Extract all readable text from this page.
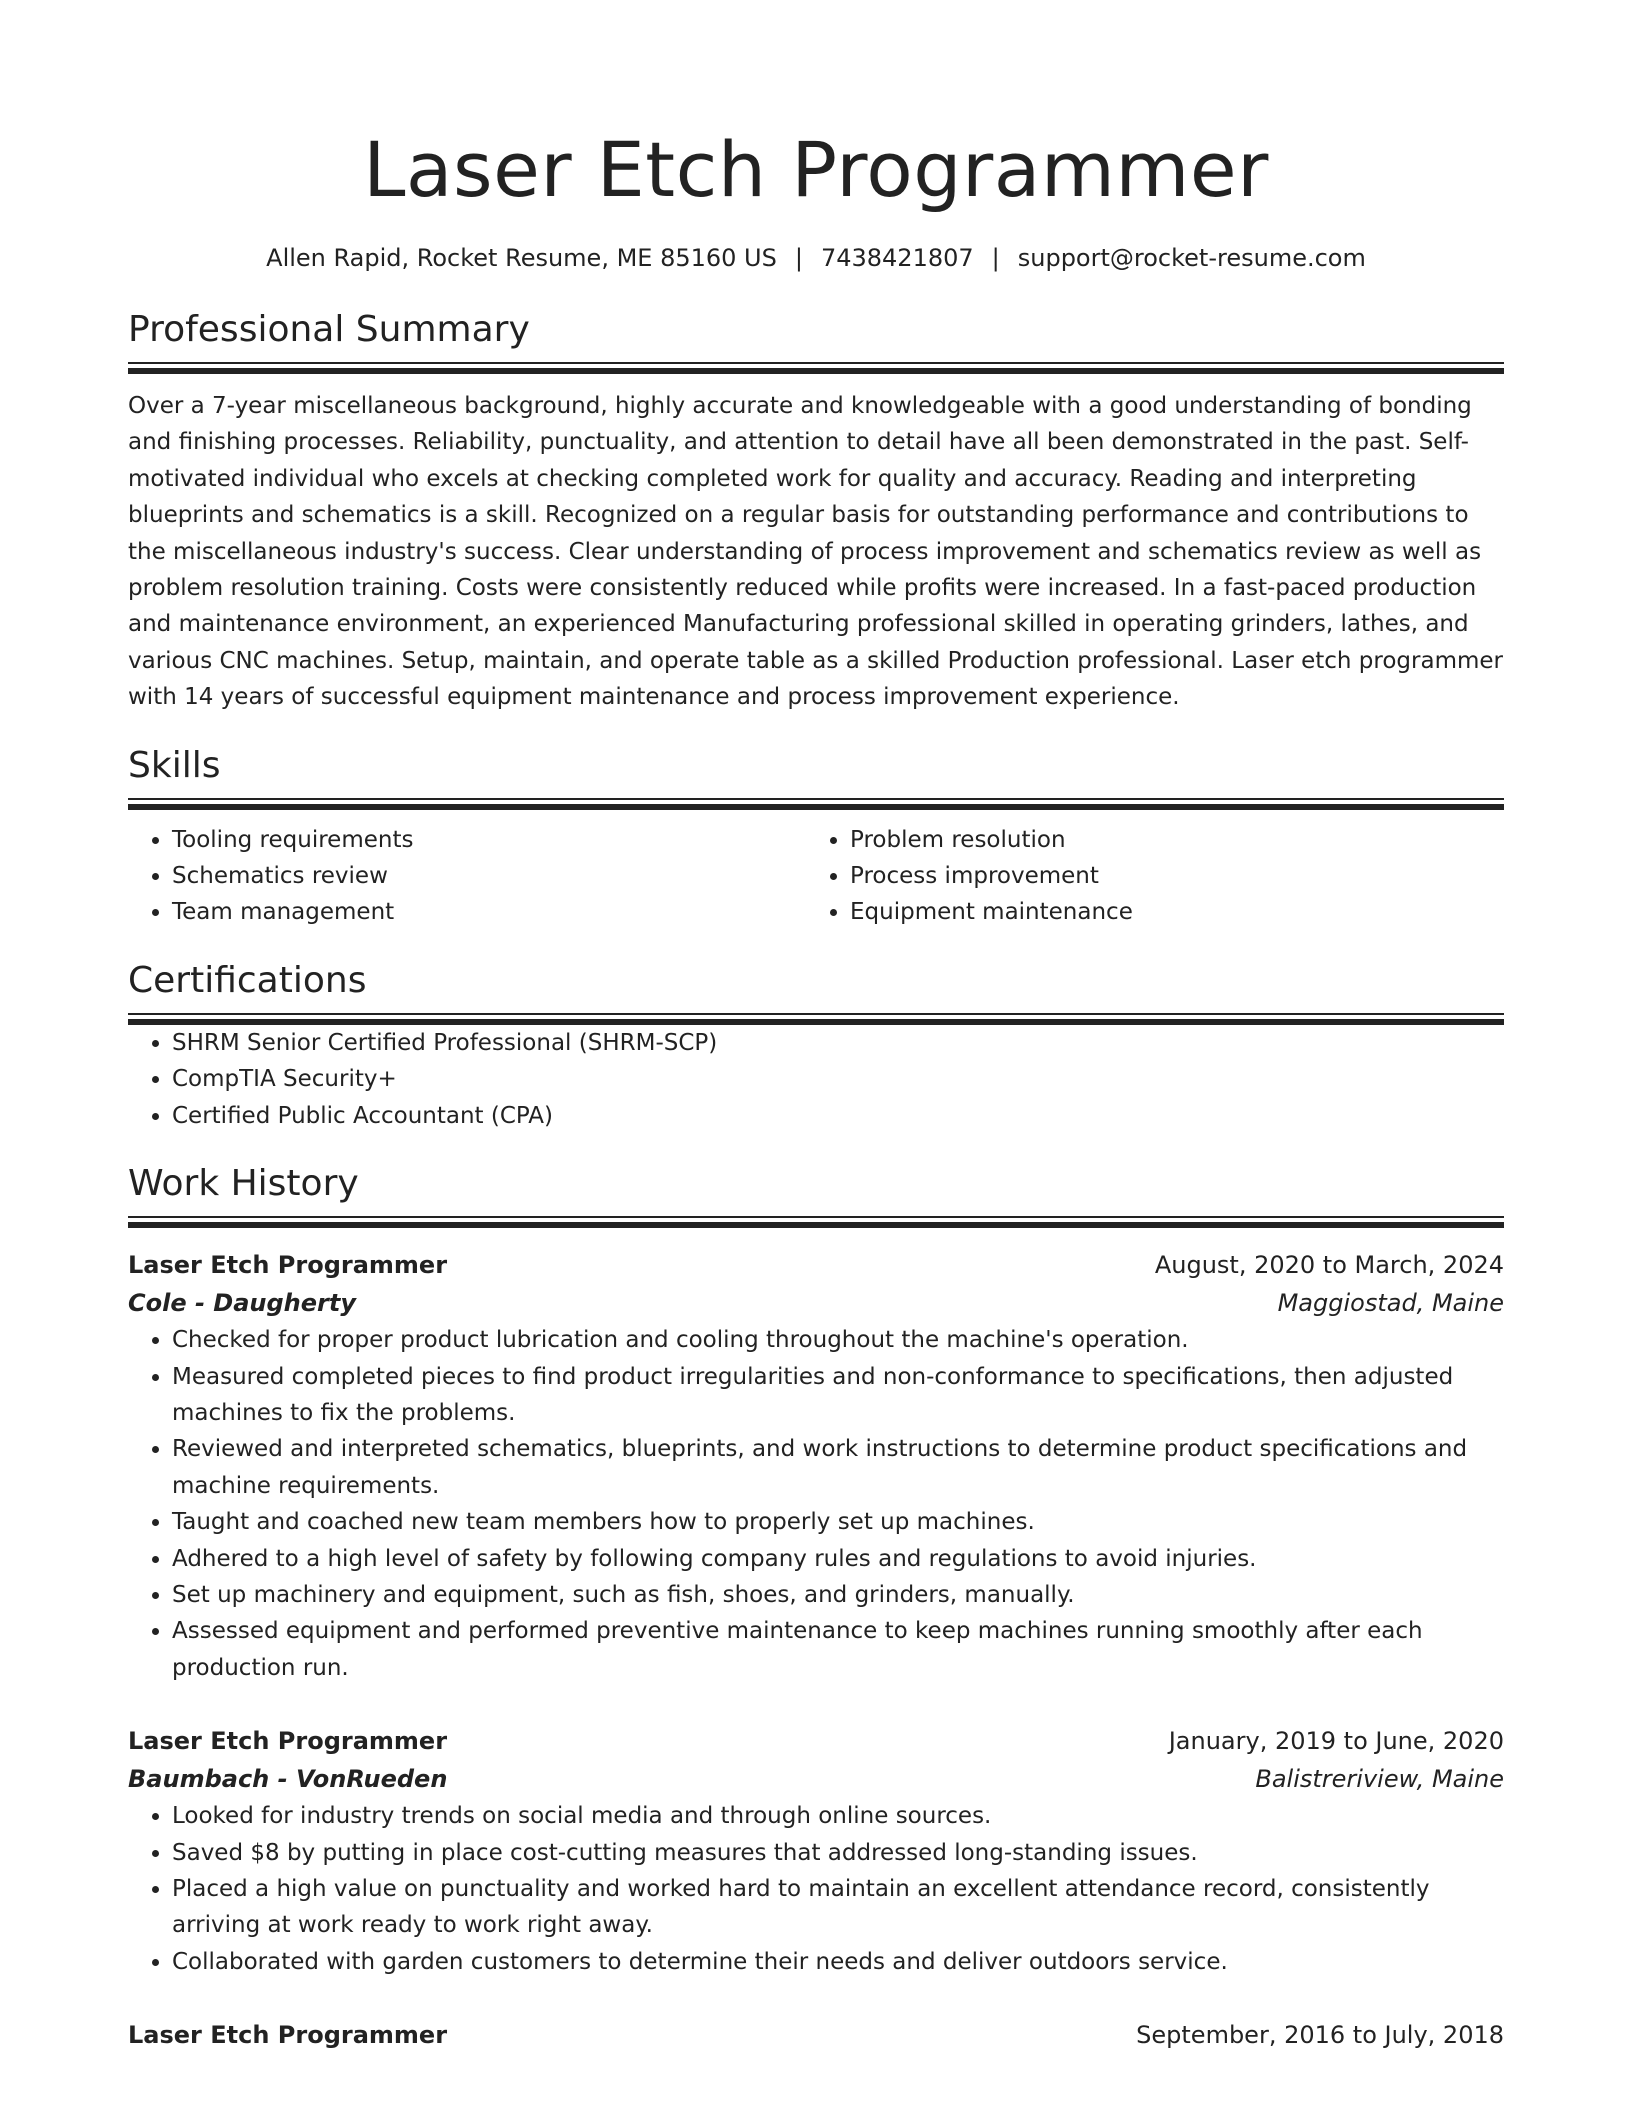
Laser Etch Programmer
Allen Rapid, Rocket Resume, ME 85160 US | 7438421807 | support@rocket-resume.com
Professional Summary
Over a 7-year miscellaneous background, highly accurate and knowledgeable with a good understanding of bonding and finishing processes. Reliability, punctuality, and attention to detail have all been demonstrated in the past. Self-motivated individual who excels at checking completed work for quality and accuracy. Reading and interpreting blueprints and schematics is a skill. Recognized on a regular basis for outstanding performance and contributions to the miscellaneous industry's success. Clear understanding of process improvement and schematics review as well as problem resolution training. Costs were consistently reduced while profits were increased. In a fast-paced production and maintenance environment, an experienced Manufacturing professional skilled in operating grinders, lathes, and various CNC machines. Setup, maintain, and operate table as a skilled Production professional. Laser etch programmer with 14 years of successful equipment maintenance and process improvement experience.
Skills
• Tooling requirements
• Schematics review
• Team management
• Problem resolution
• Process improvement
• Equipment maintenance
Certifications
• SHRM Senior Certified Professional (SHRM-SCP)
• CompTIA Security+
• Certified Public Accountant (CPA)
Work History
Laser Etch Programmer	August, 2020 to March, 2024
Cole - Daugherty	Maggiostad, Maine
• Checked for proper product lubrication and cooling throughout the machine's operation.
• Measured completed pieces to find product irregularities and non-conformance to specifications, then adjusted machines to fix the problems.
• Reviewed and interpreted schematics, blueprints, and work instructions to determine product specifications and machine requirements.
• Taught and coached new team members how to properly set up machines.
• Adhered to a high level of safety by following company rules and regulations to avoid injuries.
• Set up machinery and equipment, such as fish, shoes, and grinders, manually.
• Assessed equipment and performed preventive maintenance to keep machines running smoothly after each production run.
Laser Etch Programmer	January, 2019 to June, 2020
Baumbach - VonRueden	Balistreriview, Maine
• Looked for industry trends on social media and through online sources.
• Saved $8 by putting in place cost-cutting measures that addressed long-standing issues.
• Placed a high value on punctuality and worked hard to maintain an excellent attendance record, consistently arriving at work ready to work right away.
• Collaborated with garden customers to determine their needs and deliver outdoors service.
Laser Etch Programmer	September, 2016 to July, 2018
